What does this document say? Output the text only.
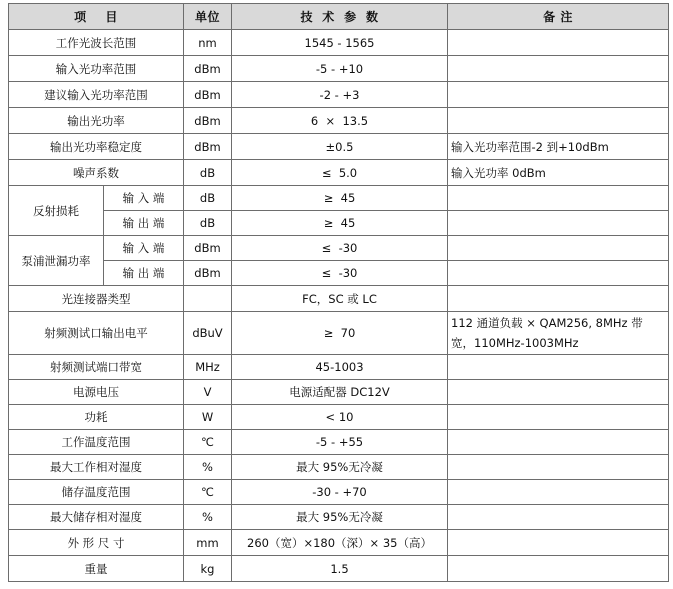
项    目		单位	技  术  参  数	备 注
工作光波长范围		nm	1545 - 1565	
输入光功率范围		dBm	-5 - +10	
建议输入光功率范围		dBm	-2 - +3	
输出光功率		dBm	6  ×  13.5	
输出光功率稳定度		dBm	±0.5	输入光功率范围-2 到+10dBm
噪声系数		dB	≤  5.0	输入光功率 0dBm
反射损耗	输 入 端	dB	≥  45	
	输 出 端	dB	≥  45	
泵浦泄漏功率	输 入 端	dBm	≤  -30	
	输 出 端	dBm	≤  -30	
光连接器类型			FC，SC 或 LC	
射频测试口输出电平		dBuV	≥  70	112 通道负载 × QAM256, 8MHz 带宽，110MHz-1003MHz
射频测试端口带宽		MHz	45-1003	
电源电压		V	电源适配器 DC12V	
功耗		W	< 10	
工作温度范围		℃	-5 - +55	
最大工作相对湿度		%	最大 95%无冷凝	
储存温度范围		℃	-30 - +70	
最大储存相对湿度		%	最大 95%无冷凝	
外 形 尺 寸		mm	260（宽）×180（深）× 35（高）	
重量		kg	1.5	
